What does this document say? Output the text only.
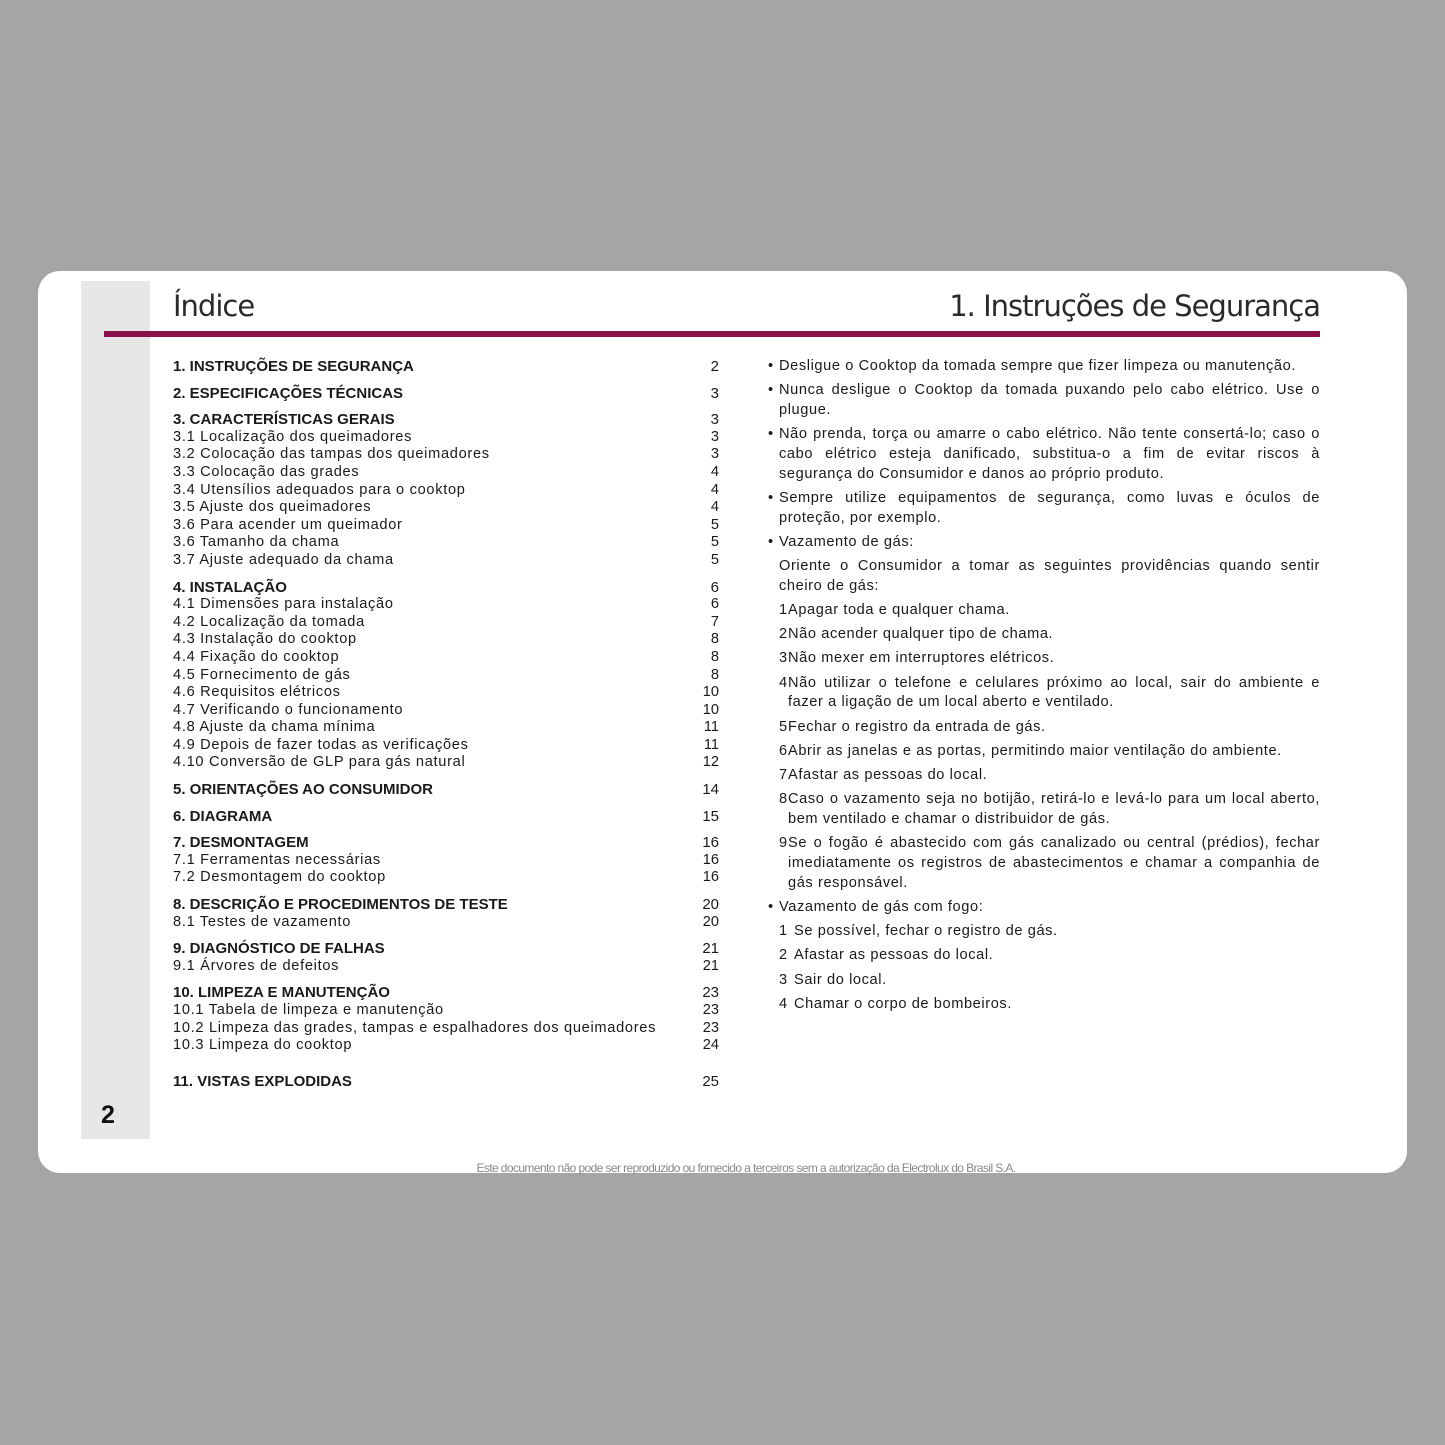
2
Índice	1. Instruções de Segurança
1. INSTRUÇÕES DE SEGURANÇA	2
2. ESPECIFICAÇÕES TÉCNICAS	3
3. CARACTERÍSTICAS GERAIS	3
3.1 Localização dos queimadores	3
3.2 Colocação das tampas dos queimadores	3
3.3 Colocação das grades	4
3.4 Utensílios adequados para o cooktop	4
3.5 Ajuste dos queimadores	4
3.6 Para acender um queimador	5
3.6 Tamanho da chama	5
3.7 Ajuste adequado da chama	5
4. INSTALAÇÃO	6
4.1 Dimensões para instalação	6
4.2 Localização da tomada	7
4.3 Instalação do cooktop	8
4.4 Fixação do cooktop	8
4.5 Fornecimento de gás	8
4.6 Requisitos elétricos	10
4.7 Verificando o funcionamento	10
4.8 Ajuste da chama mínima	11
4.9 Depois de fazer todas as verificações	11
4.10 Conversão de GLP para gás natural	12
5. ORIENTAÇÕES AO CONSUMIDOR	14
6. DIAGRAMA	15
7. DESMONTAGEM	16
7.1 Ferramentas necessárias	16
7.2 Desmontagem do cooktop	16
8. DESCRIÇÃO E PROCEDIMENTOS DE TESTE	20
8.1 Testes de vazamento	20
9. DIAGNÓSTICO DE FALHAS	21
9.1 Árvores de defeitos	21
10. LIMPEZA E MANUTENÇÃO	23
10.1 Tabela de limpeza e manutenção	23
10.2 Limpeza das grades, tampas e espalhadores dos queimadores	23
10.3 Limpeza do cooktop	24
11. VISTAS EXPLODIDAS	25
• Desligue o Cooktop da tomada sempre que fizer limpeza ou manutenção.
• Nunca desligue o Cooktop da tomada puxando pelo cabo elétrico. Use o plugue.
• Não prenda, torça ou amarre o cabo elétrico. Não tente consertá-lo; caso o cabo elétrico esteja danificado, substitua-o a fim de evitar riscos à segurança do Consumidor e danos ao próprio produto.
• Sempre utilize equipamentos de segurança, como luvas e óculos de proteção, por exemplo.
• Vazamento de gás:
Oriente o Consumidor a tomar as seguintes providências quando sentir cheiro de gás:
1 Apagar toda e qualquer chama.
2 Não acender qualquer tipo de chama.
3 Não mexer em interruptores elétricos.
4 Não utilizar o telefone e celulares próximo ao local, sair do ambiente e fazer a ligação de um local aberto e ventilado.
5 Fechar o registro da entrada de gás.
6 Abrir as janelas e as portas, permitindo maior ventilação do ambiente.
7 Afastar as pessoas do local.
8 Caso o vazamento seja no botijão, retirá-lo e levá-lo para um local aberto, bem ventilado e chamar o distribuidor de gás.
9 Se o fogão é abastecido com gás canalizado ou central (prédios), fechar imediatamente os registros de abastecimentos e chamar a companhia de gás responsável.
• Vazamento de gás com fogo:
1 Se possível, fechar o registro de gás.
2 Afastar as pessoas do local.
3 Sair do local.
4 Chamar o corpo de bombeiros.
Este documento não pode ser reproduzido ou fornecido a terceiros sem a autorização da Electrolux do Brasil S.A.
